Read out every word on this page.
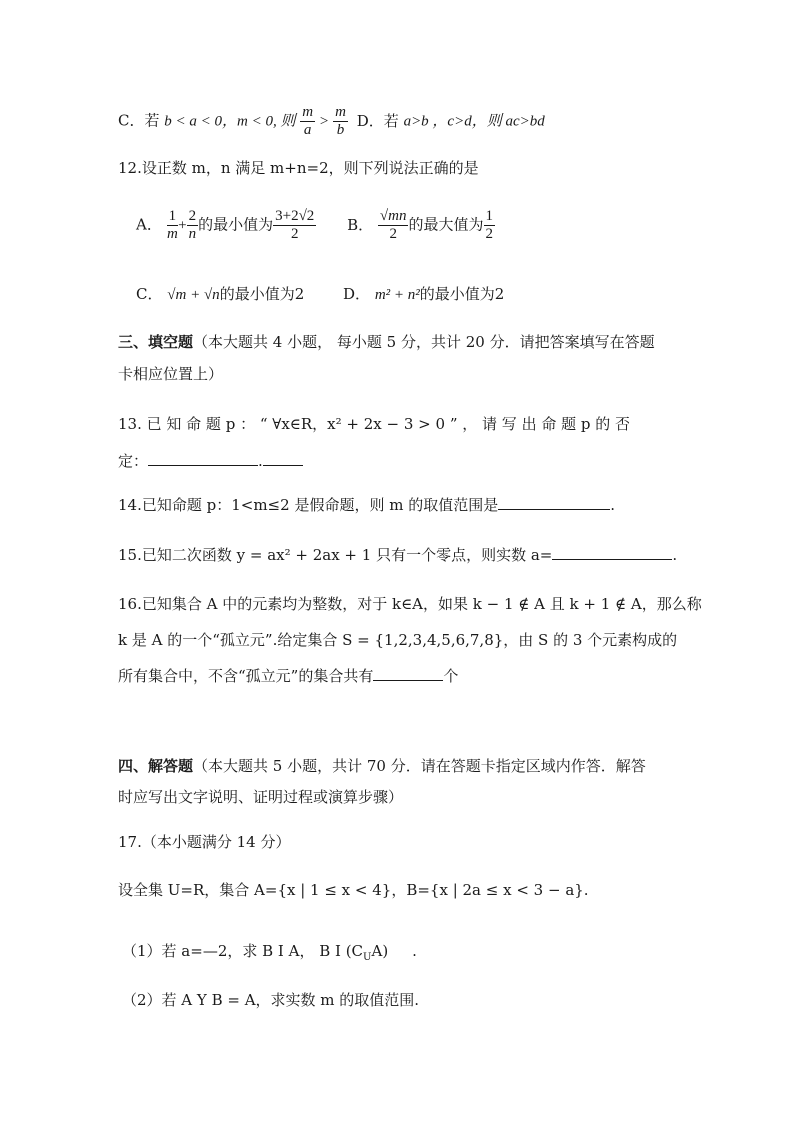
C．若 b < a < 0，m < 0, 则 $\frac{m}{a} > \frac{m}{b}$ D．若 a>b ，c>d，则 ac>bd
12.设正数 m，n 满足 m+n=2，则下列说法正确的是
A． $\frac{1}{m} + \frac{2}{n}$ 的最小值为 $\frac{3+2√2}{2}$ B． $\frac{√mn}{2}$ 的最大值为 $\frac{1}{2}$
C． √m + √n的最小值为2	D． m² + n²的最小值为2
三、填空题（本大题共 4 小题， 每小题 5 分，共计 20 分．请把答案填写在答题
卡相应位置上）
13. 已 知 命 题 p ： “ ∀x∈R，x² + 2x − 3 > 0 ” ， 请 写 出 命 题 p 的 否
定：	.
14.已知命题 p：1<m≤2 是假命题，则 m 的取值范围是	.
15.已知二次函数 y = ax² + 2ax + 1 只有一个零点，则实数 a=	.
16.已知集合 A 中的元素均为整数，对于 k∈A，如果 k − 1 ∉ A 且 k + 1 ∉ A，那么称
k 是 A 的一个“孤立元”.给定集合 S = {1,2,3,4,5,6,7,8}，由 S 的 3 个元素构成的
所有集合中，不含“孤立元”的集合共有	个
四、解答题（本大题共 5 小题，共计 70 分．请在答题卡指定区域内作答．解答
时应写出文字说明、证明过程或演算步骤）
17.（本小题满分 14 分）
设全集 U=R，集合 A={x | 1 ≤ x < 4}，B={x | 2a ≤ x < 3 − a}.
（1）若 a=—2，求 B I A， B I $(C_UA)$ .
（2）若 A Y B = A，求实数 m 的取值范围.
